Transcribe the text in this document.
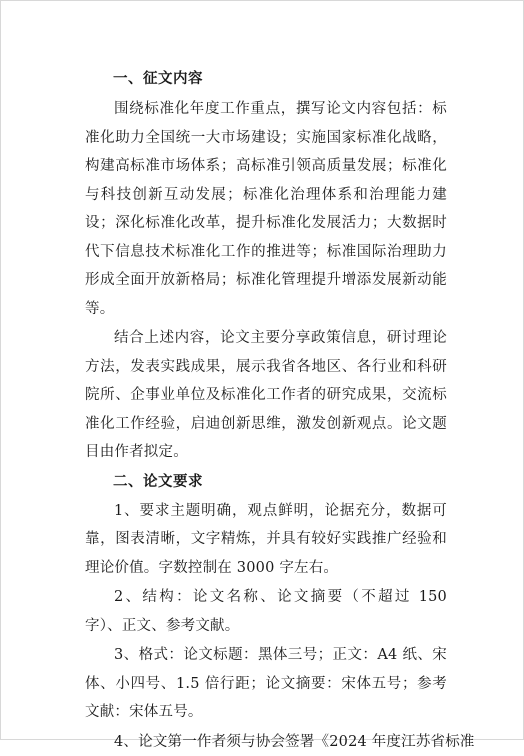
一、征文内容

围绕标准化年度工作重点，撰写论文内容包括：标准化助力全国统一大市场建设；实施国家标准化战略，构建高标准市场体系；高标准引领高质量发展；标准化与科技创新互动发展；标准化治理体系和治理能力建设；深化标准化改革，提升标准化发展活力；大数据时代下信息技术标准化工作的推进等；标准国际治理助力形成全面开放新格局；标准化管理提升增添发展新动能等。

结合上述内容，论文主要分享政策信息，研讨理论方法，发表实践成果，展示我省各地区、各行业和科研院所、企事业单位及标准化工作者的研究成果，交流标准化工作经验，启迪创新思维，激发创新观点。论文题目由作者拟定。

二、论文要求

1、要求主题明确，观点鲜明，论据充分，数据可靠，图表清晰，文字精炼，并具有较好实践推广经验和理论价值。字数控制在 3000 字左右。

2、结构：论文名称、论文摘要（不超过 150 字）、正文、参考文献。

3、格式：论文标题：黑体三号；正文：A4 纸、宋体、小四号、1.5 倍行距；论文摘要：宋体五号；参考文献：宋体五号。

4、论文第一作者须与协会签署《2024 年度江苏省标准
